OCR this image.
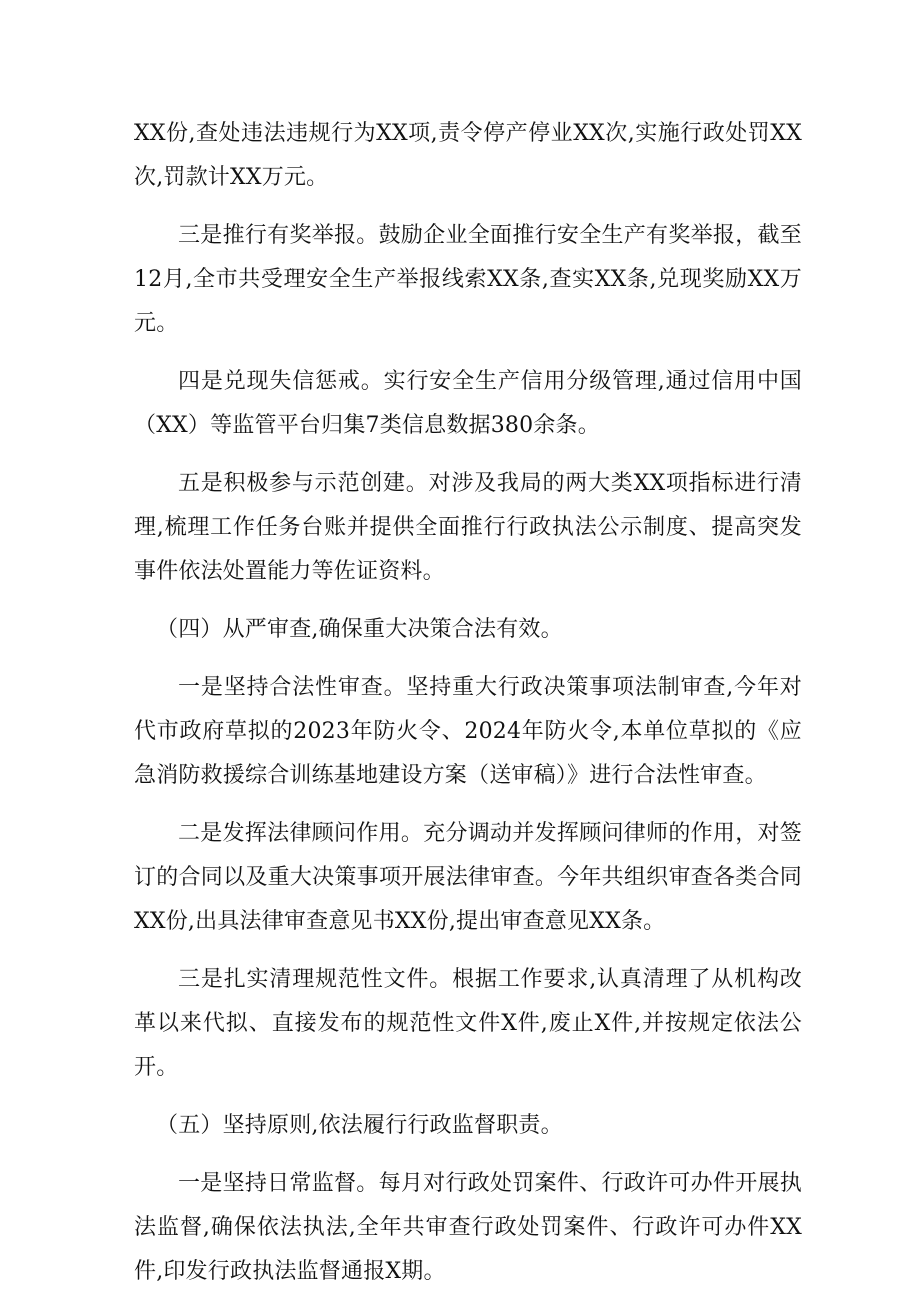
XX份,查处违法违规行为XX项,责令停产停业XX次,实施行政处罚XX次,罚款计XX万元。

三是推行有奖举报。鼓励企业全面推行安全生产有奖举报，截至12月,全市共受理安全生产举报线索XX条,查实XX条,兑现奖励XX万元。

四是兑现失信惩戒。实行安全生产信用分级管理,通过信用中国（XX）等监管平台归集7类信息数据380余条。

五是积极参与示范创建。对涉及我局的两大类XX项指标进行清理,梳理工作任务台账并提供全面推行行政执法公示制度、提高突发事件依法处置能力等佐证资料。

（四）从严审查,确保重大决策合法有效。

一是坚持合法性审查。坚持重大行政决策事项法制审查,今年对代市政府草拟的2023年防火令、2024年防火令,本单位草拟的《应急消防救援综合训练基地建设方案（送审稿）》进行合法性审查。

二是发挥法律顾问作用。充分调动并发挥顾问律师的作用，对签订的合同以及重大决策事项开展法律审查。今年共组织审查各类合同XX份,出具法律审查意见书XX份,提出审查意见XX条。

三是扎实清理规范性文件。根据工作要求,认真清理了从机构改革以来代拟、直接发布的规范性文件X件,废止X件,并按规定依法公开。

（五）坚持原则,依法履行行政监督职责。

一是坚持日常监督。每月对行政处罚案件、行政许可办件开展执法监督,确保依法执法,全年共审查行政处罚案件、行政许可办件XX件,印发行政执法监督通报X期。
